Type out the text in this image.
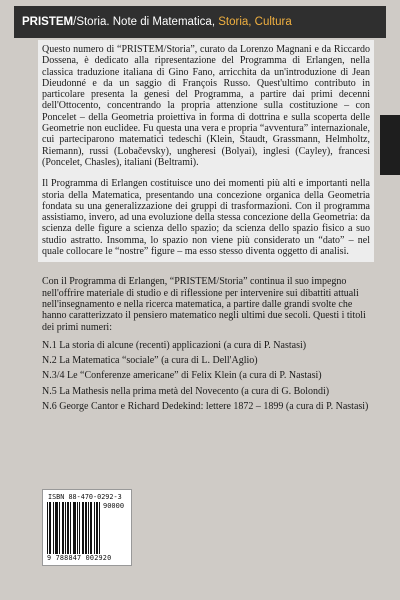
PRISTEM/Storia. Note di Matematica, Storia, Cultura

Questo numero di “PRISTEM/Storia”, curato da Lorenzo Magnani e da Riccardo Dossena, è dedicato alla ripresentazione del Programma di Erlangen, nella classica traduzione italiana di Gino Fano, arricchita da un'introduzione di Jean Dieudonné e da un saggio di François Russo. Quest'ultimo contributo in particolare presenta la genesi del Programma, a partire dai primi decenni dell'Ottocento, concentrando la propria attenzione sulla costituzione – con Poncelet – della Geometria proiettiva in forma di dottrina e sulla scoperta delle Geometrie non euclidee. Fu questa una vera e propria “avventura” internazionale, cui parteciparono matematici tedeschi (Klein, Staudt, Grassmann, Helmholtz, Riemann), russi (Lobačevsky), ungheresi (Bolyai), inglesi (Cayley), francesi (Poncelet, Chasles), italiani (Beltrami).

Il Programma di Erlangen costituisce uno dei momenti più alti e importanti nella storia della Matematica, presentando una concezione organica della Geometria fondata su una generalizzazione dei gruppi di trasformazioni. Con il programma assistiamo, invero, ad una evoluzione della stessa concezione della Geometria: da scienza delle figure a scienza dello spazio; da scienza dello spazio fisico a suo studio astratto. Insomma, lo spazio non viene più considerato un “dato” – nel quale collocare le “nostre” figure – ma esso stesso diventa oggetto di analisi.

Con il Programma di Erlangen, “PRISTEM/Storia” continua il suo impegno nell'offrire materiale di studio e di riflessione per intervenire sui dibattiti attuali nell'insegnamento e nella ricerca matematica, a partire dalle grandi svolte che hanno caratterizzato il pensiero matematico negli ultimi due secoli. Questi i titoli dei primi numeri:

N.1 La storia di alcune (recenti) applicazioni (a cura di P. Nastasi)
N.2 La Matematica “sociale” (a cura di L. Dell'Aglio)
N.3/4 Le “Conferenze americane” di Felix Klein (a cura di P. Nastasi)
N.5 La Mathesis nella prima metà del Novecento (a cura di G. Bolondi)
N.6 George Cantor e Richard Dedekind: lettere 1872 – 1899 (a cura di P. Nastasi)
ISBN 88-470-0292-3
90000
9 788847 002920
